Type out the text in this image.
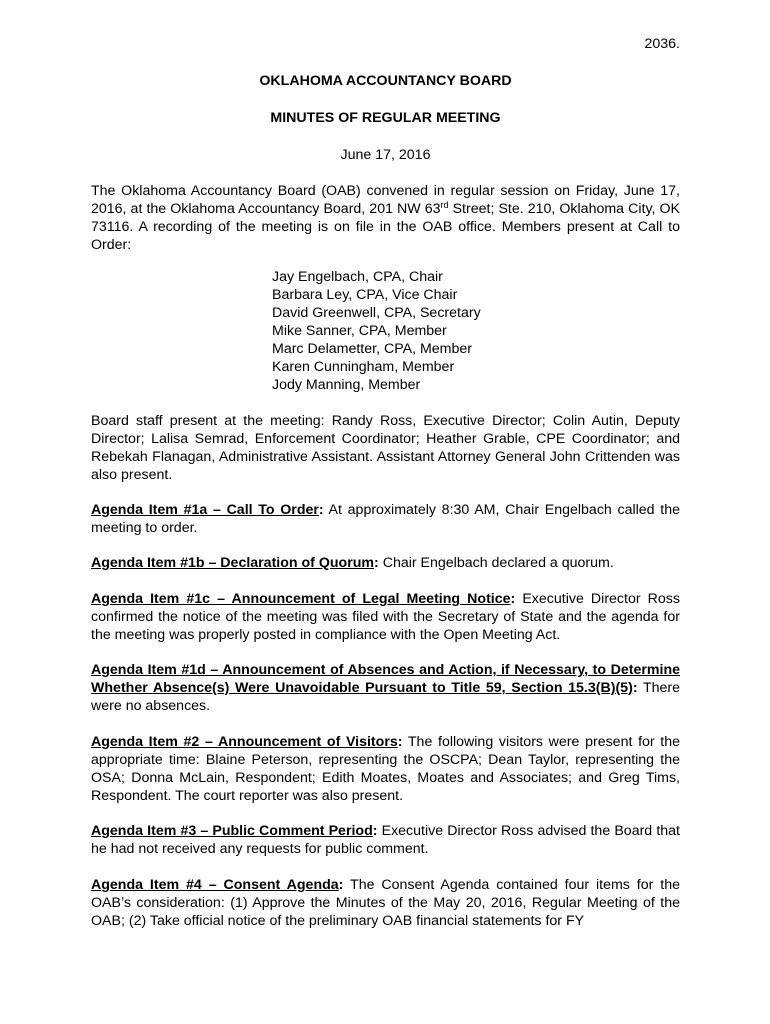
2036.
OKLAHOMA ACCOUNTANCY BOARD
MINUTES OF REGULAR MEETING
June 17, 2016
The Oklahoma Accountancy Board (OAB) convened in regular session on Friday, June 17, 2016, at the Oklahoma Accountancy Board, 201 NW 63rd Street; Ste. 210, Oklahoma City, OK 73116. A recording of the meeting is on file in the OAB office. Members present at Call to Order:
Jay Engelbach, CPA, Chair
Barbara Ley, CPA, Vice Chair
David Greenwell, CPA, Secretary
Mike Sanner, CPA, Member
Marc Delametter, CPA, Member
Karen Cunningham, Member
Jody Manning, Member
Board staff present at the meeting: Randy Ross, Executive Director; Colin Autin, Deputy Director; Lalisa Semrad, Enforcement Coordinator; Heather Grable, CPE Coordinator; and Rebekah Flanagan, Administrative Assistant. Assistant Attorney General John Crittenden was also present.
Agenda Item #1a – Call To Order: At approximately 8:30 AM, Chair Engelbach called the meeting to order.
Agenda Item #1b – Declaration of Quorum: Chair Engelbach declared a quorum.
Agenda Item #1c – Announcement of Legal Meeting Notice: Executive Director Ross confirmed the notice of the meeting was filed with the Secretary of State and the agenda for the meeting was properly posted in compliance with the Open Meeting Act.
Agenda Item #1d – Announcement of Absences and Action, if Necessary, to Determine Whether Absence(s) Were Unavoidable Pursuant to Title 59, Section 15.3(B)(5): There were no absences.
Agenda Item #2 – Announcement of Visitors: The following visitors were present for the appropriate time: Blaine Peterson, representing the OSCPA; Dean Taylor, representing the OSA; Donna McLain, Respondent; Edith Moates, Moates and Associates; and Greg Tims, Respondent. The court reporter was also present.
Agenda Item #3 – Public Comment Period: Executive Director Ross advised the Board that he had not received any requests for public comment.
Agenda Item #4 – Consent Agenda: The Consent Agenda contained four items for the OAB’s consideration: (1) Approve the Minutes of the May 20, 2016, Regular Meeting of the OAB; (2) Take official notice of the preliminary OAB financial statements for FY
